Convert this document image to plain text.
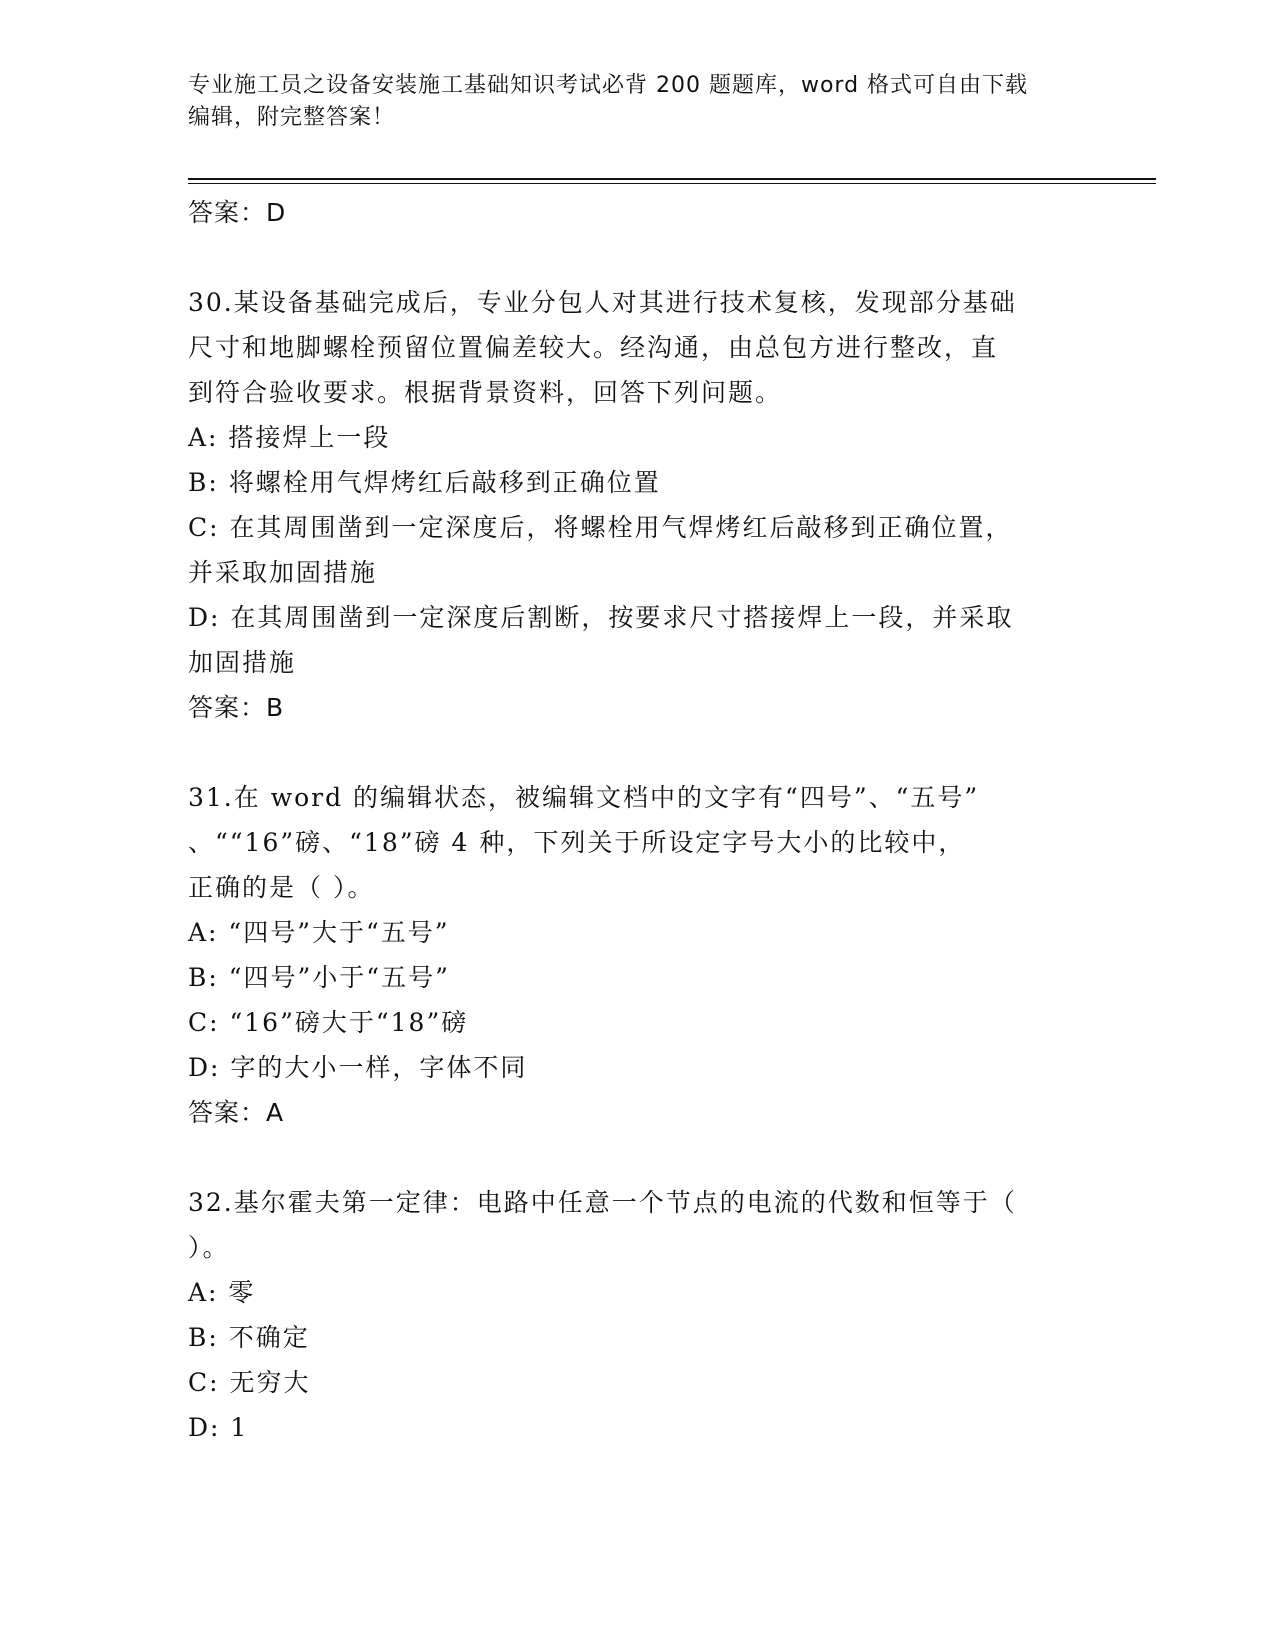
专业施工员之设备安装施工基础知识考试必背 200 题题库，word 格式可自由下载
编辑，附完整答案！
答案：D
30.某设备基础完成后，专业分包人对其进行技术复核，发现部分基础
尺寸和地脚螺栓预留位置偏差较大。经沟通，由总包方进行整改，直
到符合验收要求。根据背景资料，回答下列问题。
A: 搭接焊上一段
B: 将螺栓用气焊烤红后敲移到正确位置
C: 在其周围凿到一定深度后，将螺栓用气焊烤红后敲移到正确位置，
并采取加固措施
D: 在其周围凿到一定深度后割断，按要求尺寸搭接焊上一段，并采取
加固措施
答案：B
31.在 word 的编辑状态，被编辑文档中的文字有“四号”、“五号”
、““16”磅、“18”磅 4 种，下列关于所设定字号大小的比较中，
正确的是（ ）。
A: “四号”大于“五号”
B: “四号”小于“五号”
C: “16”磅大于“18”磅
D: 字的大小一样，字体不同
答案：A
32.基尔霍夫第一定律：电路中任意一个节点的电流的代数和恒等于（
）。
A: 零
B: 不确定
C: 无穷大
D: 1
